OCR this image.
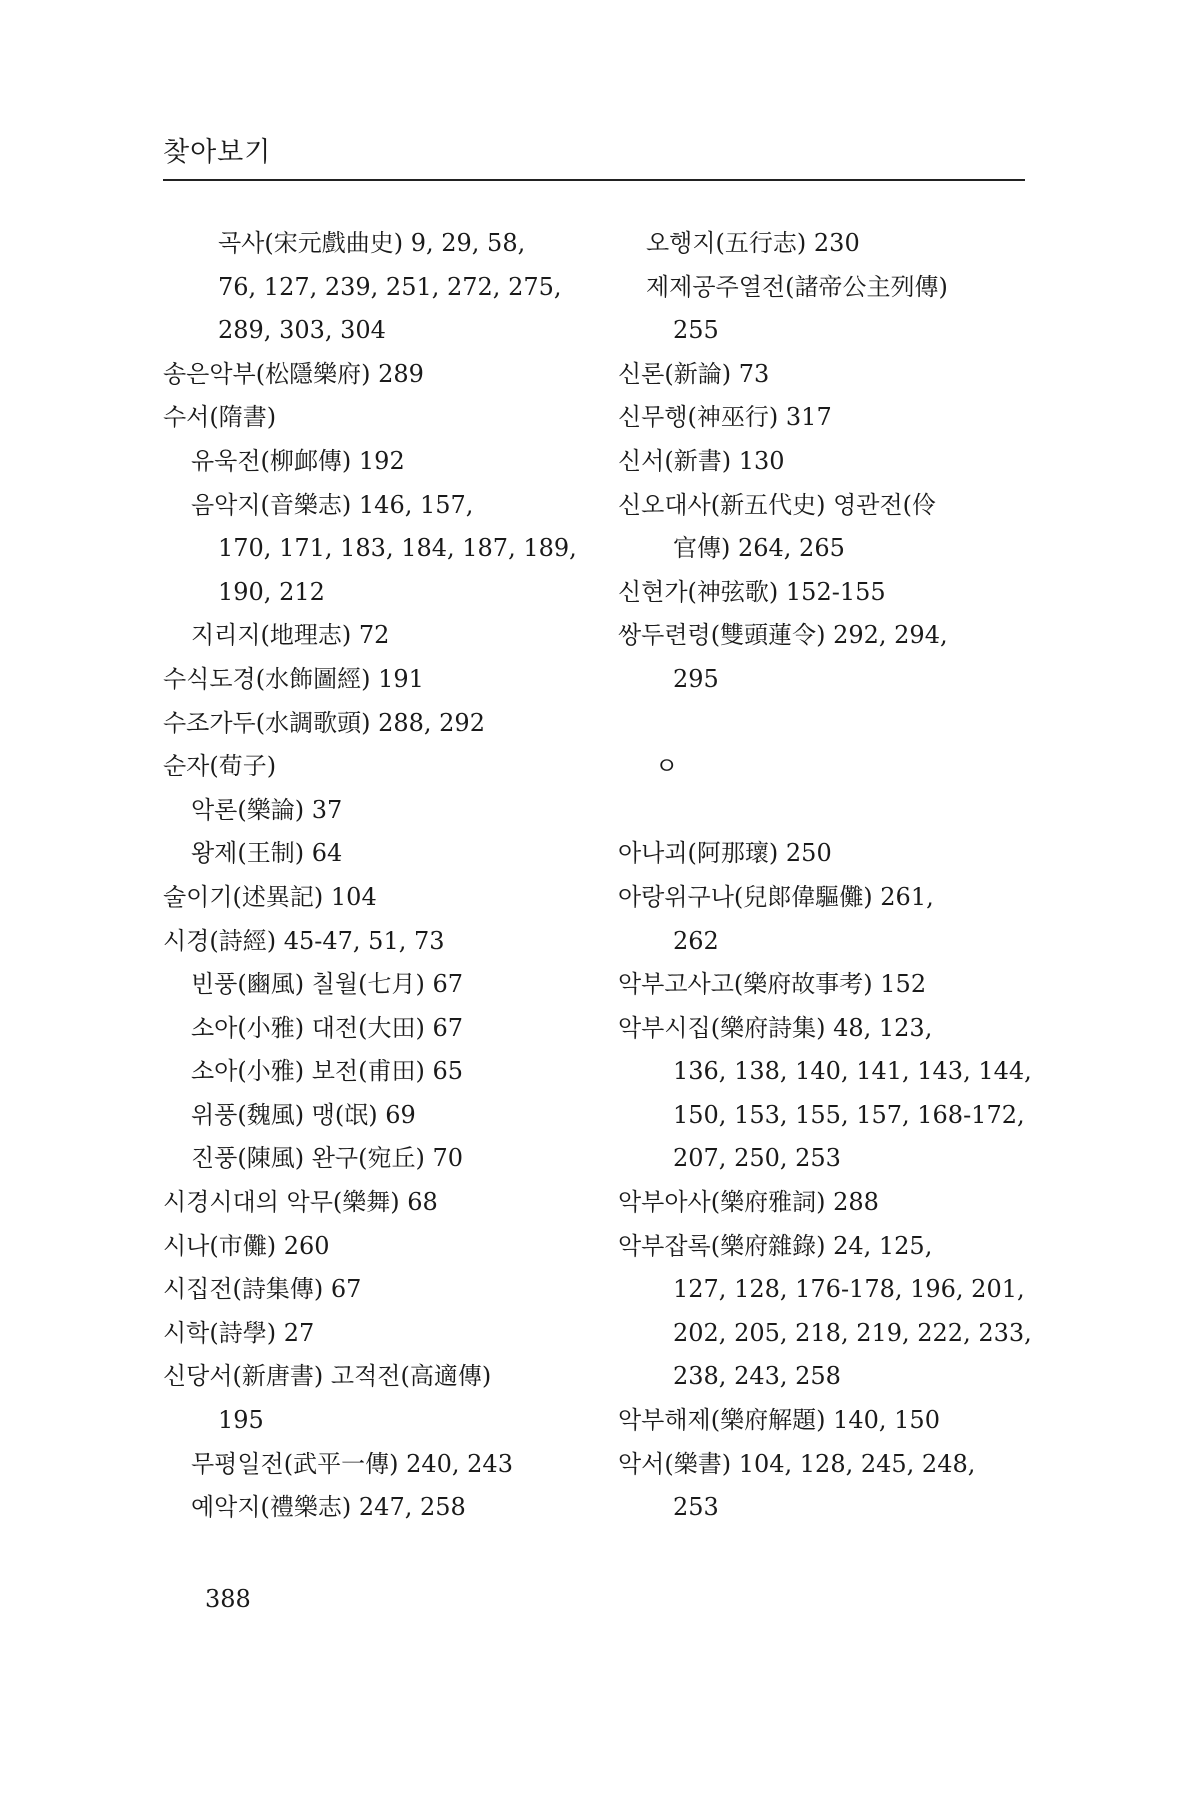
찾아보기
곡사(宋元戲曲史) 9, 29, 58,
76, 127, 239, 251, 272, 275,
289, 303, 304
송은악부(松隱樂府) 289
수서(隋書)
유욱전(柳䘏傳) 192
음악지(音樂志) 146, 157,
170, 171, 183, 184, 187, 189,
190, 212
지리지(地理志) 72
수식도경(水飾圖經) 191
수조가두(水調歌頭) 288, 292
순자(荀子)
악론(樂論) 37
왕제(王制) 64
술이기(述異記) 104
시경(詩經) 45-47, 51, 73
빈풍(豳風) 칠월(七月) 67
소아(小雅) 대전(大田) 67
소아(小雅) 보전(甫田) 65
위풍(魏風) 맹(氓) 69
진풍(陳風) 완구(宛丘) 70
시경시대의 악무(樂舞) 68
시나(市儺) 260
시집전(詩集傳) 67
시학(詩學) 27
신당서(新唐書) 고적전(高適傳)
195
무평일전(武平一傳) 240, 243
예악지(禮樂志) 247, 258
오행지(五行志) 230
제제공주열전(諸帝公主列傳)
255
신론(新論) 73
신무행(神巫行) 317
신서(新書) 130
신오대사(新五代史) 영관전(伶
官傳) 264, 265
신현가(神弦歌) 152-155
쌍두련령(雙頭蓮令) 292, 294,
295
ㅇ
아나괴(阿那瓌) 250
아랑위구나(兒郞偉驅儺) 261,
262
악부고사고(樂府故事考) 152
악부시집(樂府詩集) 48, 123,
136, 138, 140, 141, 143, 144,
150, 153, 155, 157, 168-172,
207, 250, 253
악부아사(樂府雅詞) 288
악부잡록(樂府雜錄) 24, 125,
127, 128, 176-178, 196, 201,
202, 205, 218, 219, 222, 233,
238, 243, 258
악부해제(樂府解題) 140, 150
악서(樂書) 104, 128, 245, 248,
253
388
